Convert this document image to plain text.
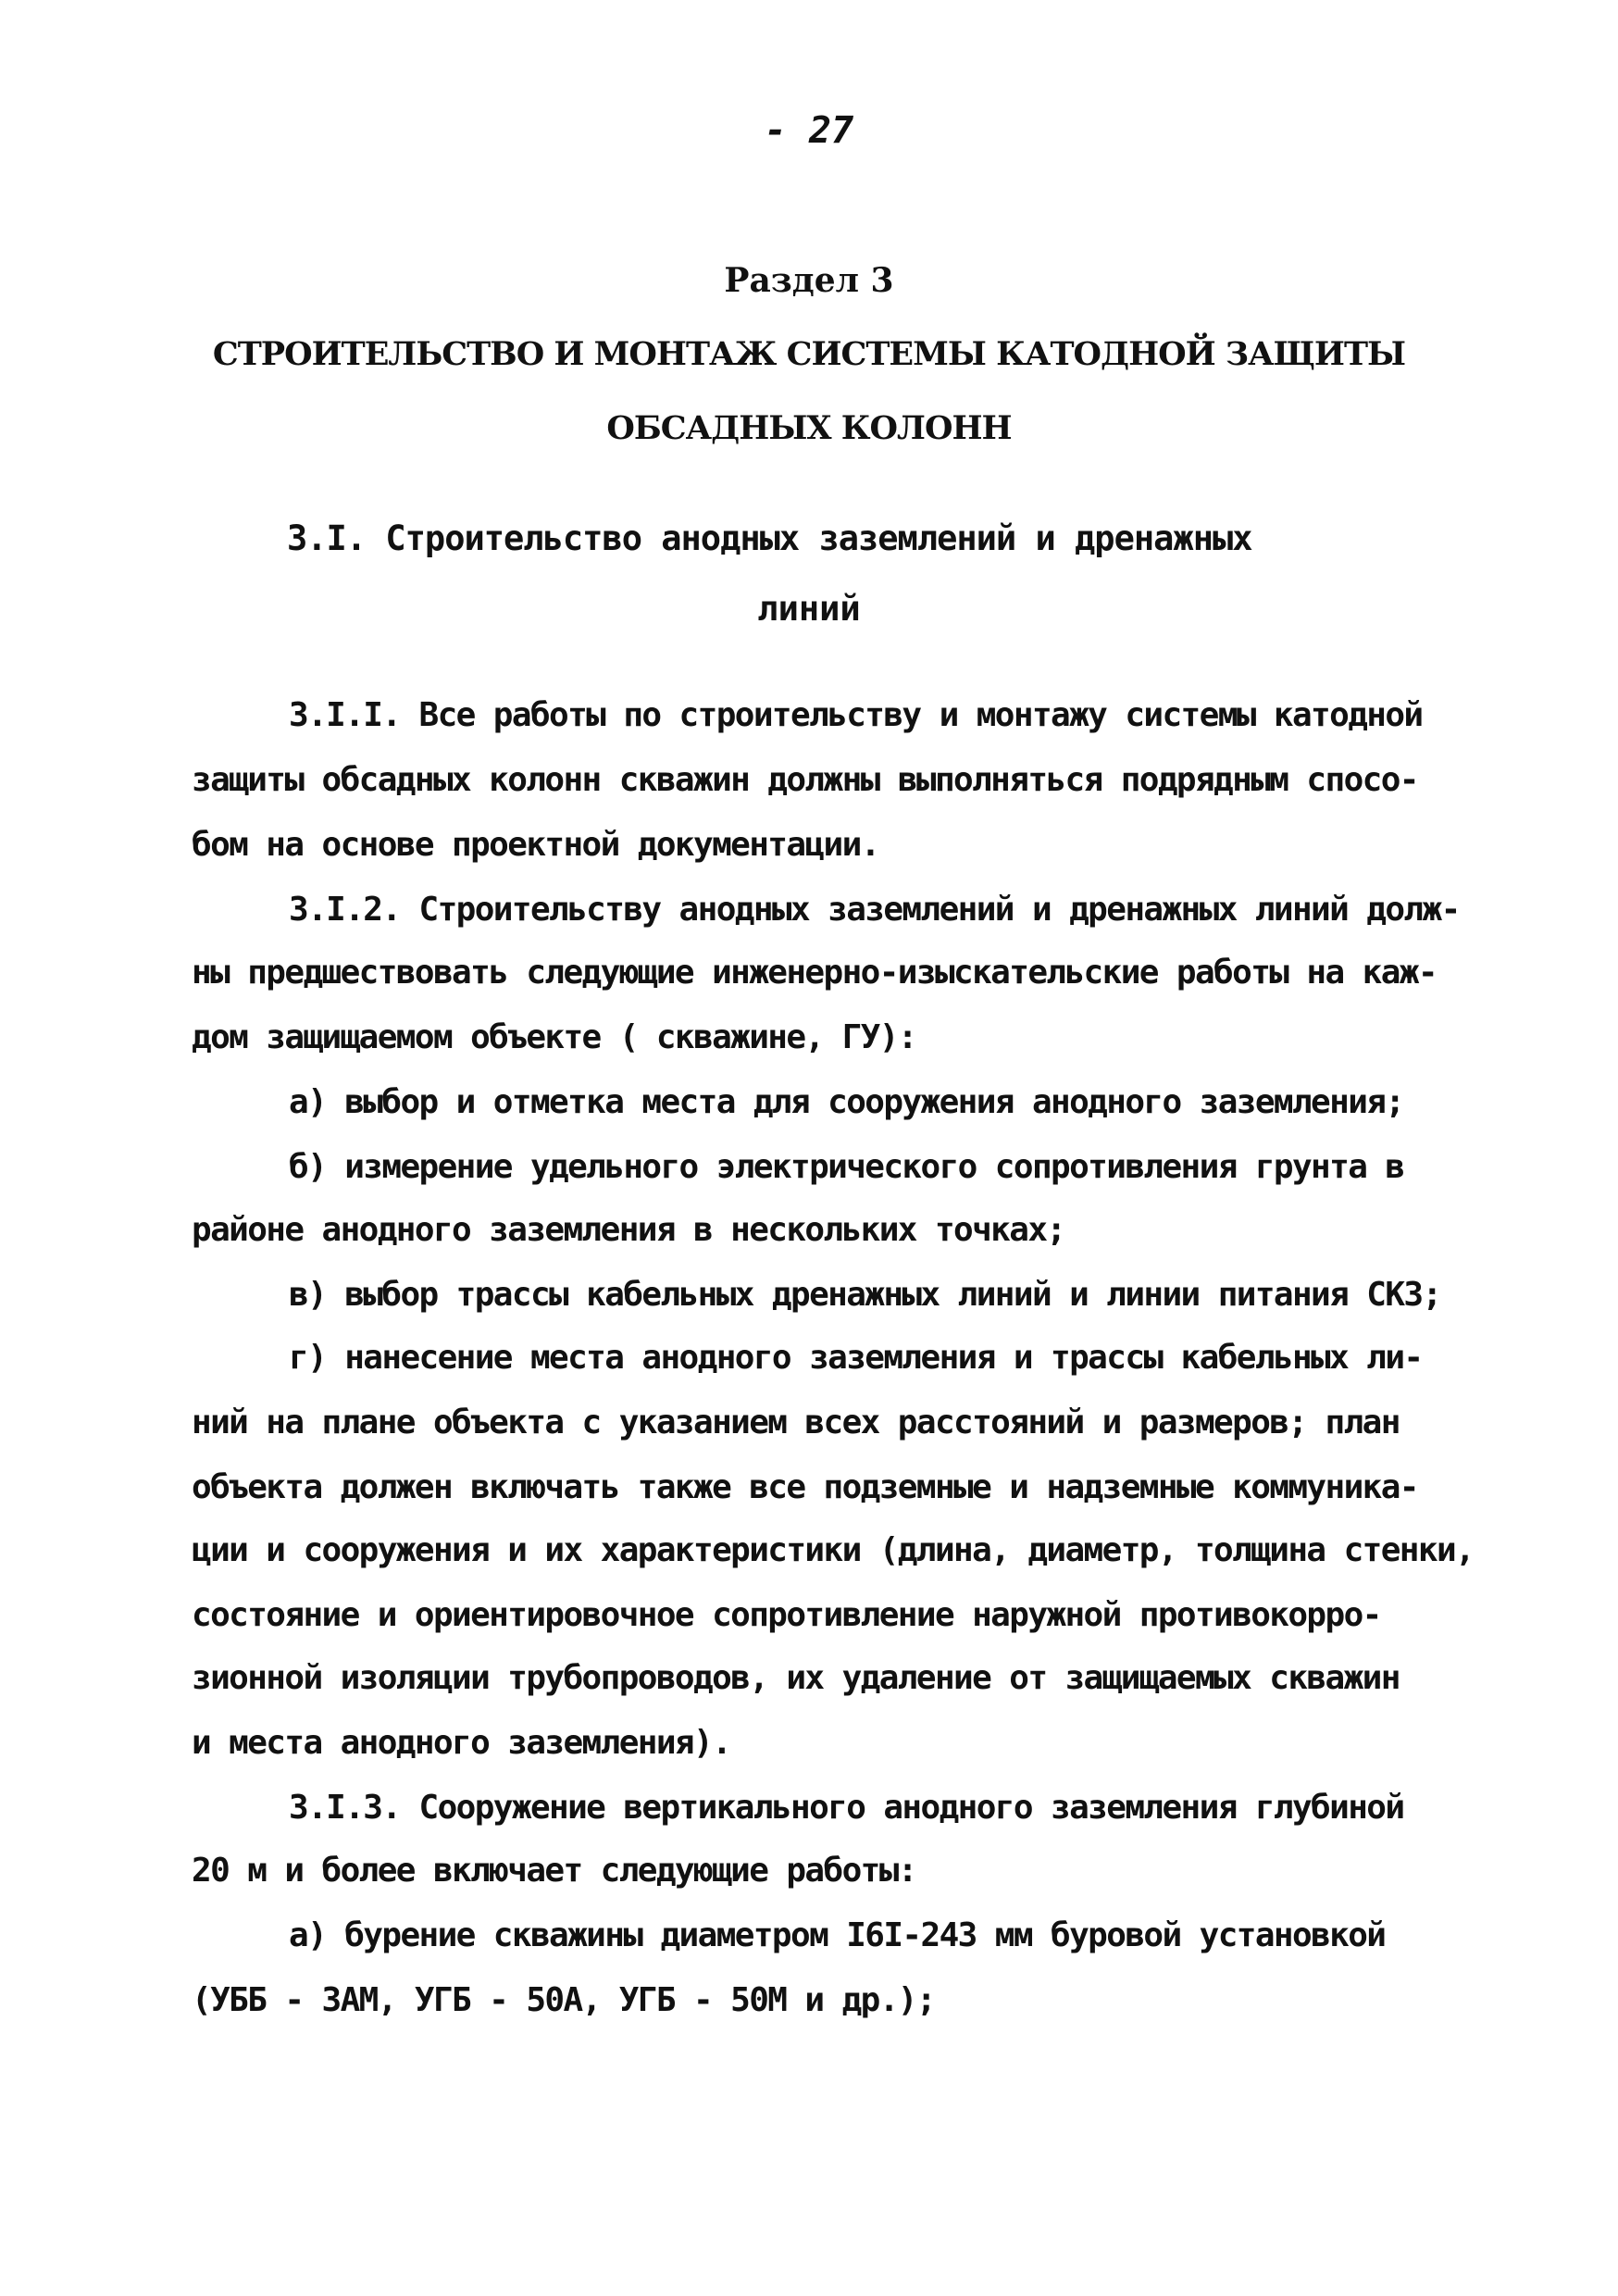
- 27
Раздел 3
СТРОИТЕЛЬСТВО И МОНТАЖ СИСТЕМЫ КАТОДНОЙ ЗАЩИТЫ
ОБСАДНЫХ КОЛОНН
3.I. Строительство анодных заземлений и дренажных
линий
3.I.I. Все работы по строительству и монтажу системы катодной
защиты обсадных колонн скважин должны выполняться подрядным спосо-
бом на основе проектной документации.
3.I.2. Строительству анодных заземлений и дренажных линий долж-
ны предшествовать следующие инженерно-изыскательские работы на каж-
дом защищаемом объекте ( скважине, ГУ):
а) выбор и отметка места для сооружения анодного заземления;
б) измерение удельного электрического сопротивления грунта в
районе анодного заземления в нескольких точках;
в) выбор трассы кабельных дренажных линий и линии питания СКЗ;
г) нанесение места анодного заземления и трассы кабельных ли-
ний на плане объекта с указанием всех расстояний и размеров; план
объекта должен включать также все подземные и надземные коммуника-
ции и сооружения и их характеристики (длина, диаметр, толщина стенки,
состояние и ориентировочное сопротивление наружной противокорро-
зионной изоляции трубопроводов, их удаление от защищаемых скважин
и места анодного заземления).
3.I.3. Сооружение вертикального анодного заземления глубиной
20 м и более включает следующие работы:
а) бурение скважины диаметром I6I-243 мм буровой установкой
(УББ - ЗАМ, УГБ - 50А, УГБ - 50М и др.);
